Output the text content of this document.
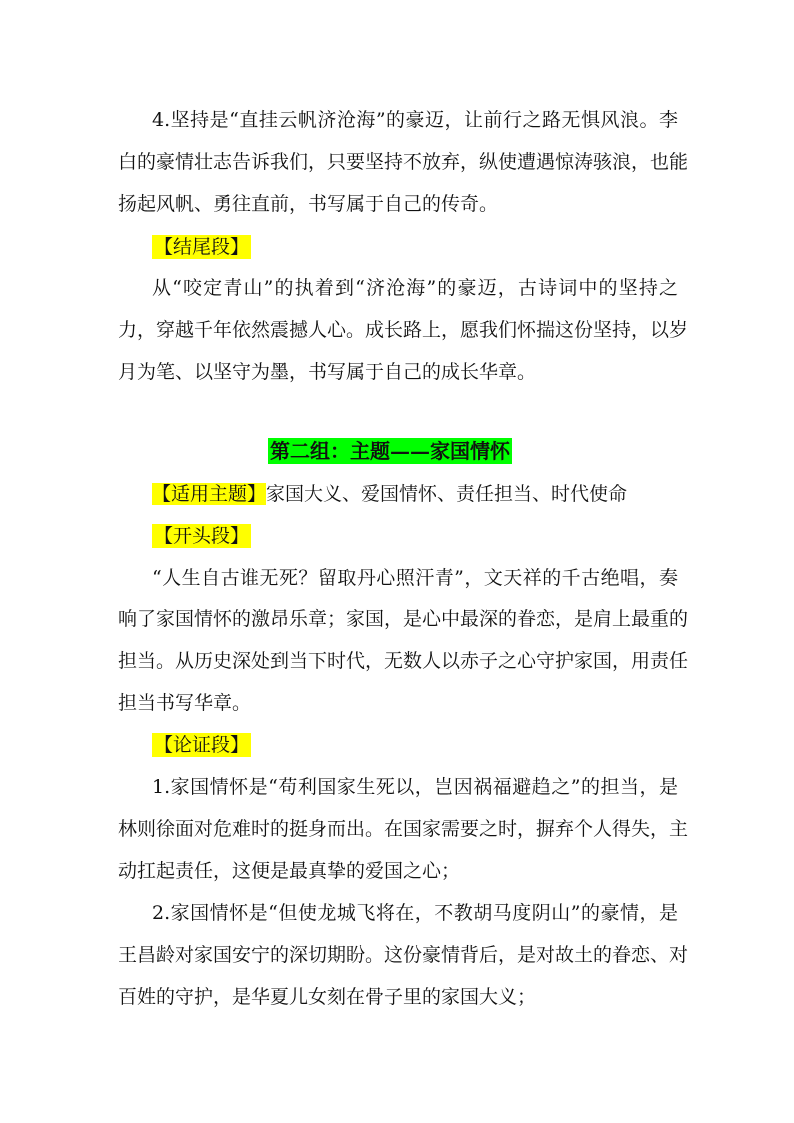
4.坚持是“直挂云帆济沧海”的豪迈，让前行之路无惧风浪。李
白的豪情壮志告诉我们，只要坚持不放弃，纵使遭遇惊涛骇浪，也能
扬起风帆、勇往直前，书写属于自己的传奇。
【结尾段】
从“咬定青山”的执着到“济沧海”的豪迈，古诗词中的坚持之
力，穿越千年依然震撼人心。成长路上，愿我们怀揣这份坚持，以岁
月为笔、以坚守为墨，书写属于自己的成长华章。
第二组：主题——家国情怀
【适用主题】家国大义、爱国情怀、责任担当、时代使命
【开头段】
“人生自古谁无死？留取丹心照汗青”，文天祥的千古绝唱，奏
响了家国情怀的激昂乐章；家国，是心中最深的眷恋，是肩上最重的
担当。从历史深处到当下时代，无数人以赤子之心守护家国，用责任
担当书写华章。
【论证段】
1.家国情怀是“苟利国家生死以，岂因祸福避趋之”的担当，是
林则徐面对危难时的挺身而出。在国家需要之时，摒弃个人得失，主
动扛起责任，这便是最真挚的爱国之心；
2.家国情怀是“但使龙城飞将在，不教胡马度阴山”的豪情，是
王昌龄对家国安宁的深切期盼。这份豪情背后，是对故土的眷恋、对
百姓的守护，是华夏儿女刻在骨子里的家国大义；
